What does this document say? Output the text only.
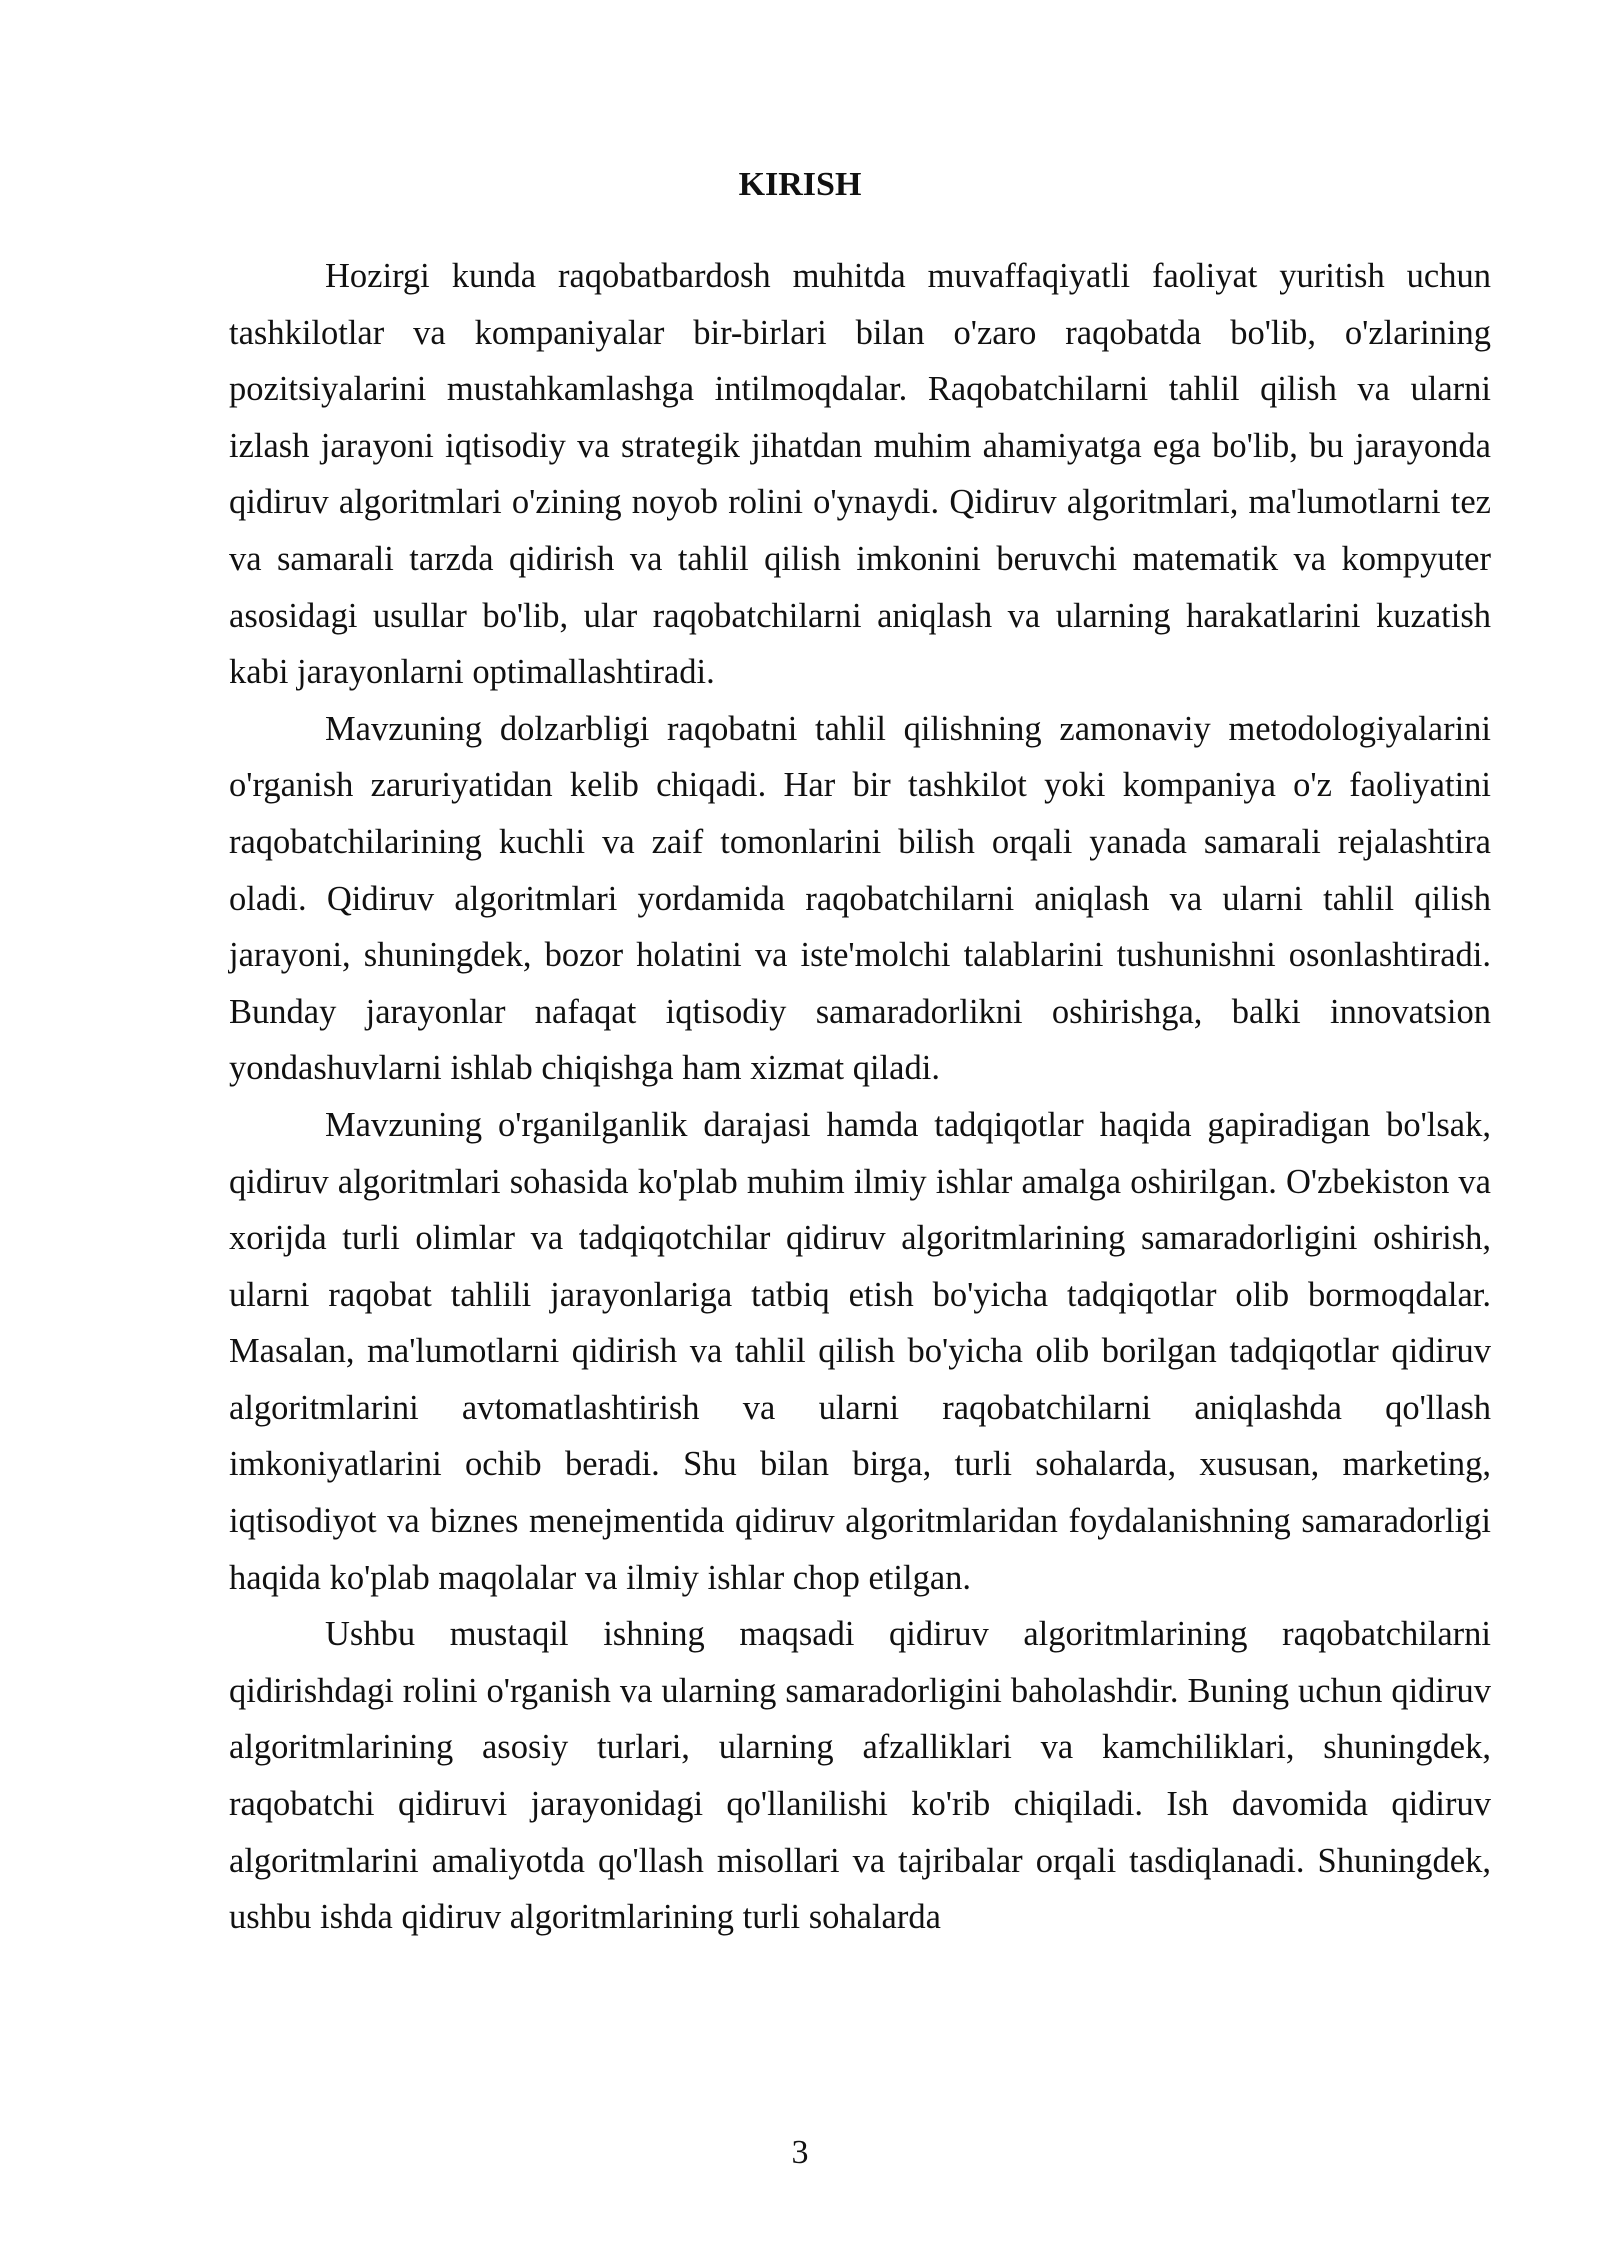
KIRISH

Hozirgi kunda raqobatbardosh muhitda muvaffaqiyatli faoliyat yuritish uchun tashkilotlar va kompaniyalar bir-birlari bilan o'zaro raqobatda bo'lib, o'zlarining pozitsiyalarini mustahkamlashga intilmoqdalar. Raqobatchilarni tahlil qilish va ularni izlash jarayoni iqtisodiy va strategik jihatdan muhim ahamiyatga ega bo'lib, bu jarayonda qidiruv algoritmlari o'zining noyob rolini o'ynaydi. Qidiruv algoritmlari, ma'lumotlarni tez va samarali tarzda qidirish va tahlil qilish imkonini beruvchi matematik va kompyuter asosidagi usullar bo'lib, ular raqobatchilarni aniqlash va ularning harakatlarini kuzatish kabi jarayonlarni optimallashtiradi.

Mavzuning dolzarbligi raqobatni tahlil qilishning zamonaviy metodologiyalarini o'rganish zaruriyatidan kelib chiqadi. Har bir tashkilot yoki kompaniya o'z faoliyatini raqobatchilarining kuchli va zaif tomonlarini bilish orqali yanada samarali rejalashtira oladi. Qidiruv algoritmlari yordamida raqobatchilarni aniqlash va ularni tahlil qilish jarayoni, shuningdek, bozor holatini va iste'molchi talablarini tushunishni osonlashtiradi. Bunday jarayonlar nafaqat iqtisodiy samaradorlikni oshirishga, balki innovatsion yondashuvlarni ishlab chiqishga ham xizmat qiladi.

Mavzuning o'rganilganlik darajasi hamda tadqiqotlar haqida gapiradigan bo'lsak, qidiruv algoritmlari sohasida ko'plab muhim ilmiy ishlar amalga oshirilgan. O'zbekiston va xorijda turli olimlar va tadqiqotchilar qidiruv algoritmlarining samaradorligini oshirish, ularni raqobat tahlili jarayonlariga tatbiq etish bo'yicha tadqiqotlar olib bormoqdalar. Masalan, ma'lumotlarni qidirish va tahlil qilish bo'yicha olib borilgan tadqiqotlar qidiruv algoritmlarini avtomatlashtirish va ularni raqobatchilarni aniqlashda qo'llash imkoniyatlarini ochib beradi. Shu bilan birga, turli sohalarda, xususan, marketing, iqtisodiyot va biznes menejmentida qidiruv algoritmlaridan foydalanishning samaradorligi haqida ko'plab maqolalar va ilmiy ishlar chop etilgan.

Ushbu mustaqil ishning maqsadi qidiruv algoritmlarining raqobatchilarni qidirishdagi rolini o'rganish va ularning samaradorligini baholashdir. Buning uchun qidiruv algoritmlarining asosiy turlari, ularning afzalliklari va kamchiliklari, shuningdek, raqobatchi qidiruvi jarayonidagi qo'llanilishi ko'rib chiqiladi. Ish davomida qidiruv algoritmlarini amaliyotda qo'llash misollari va tajribalar orqali tasdiqlanadi. Shuningdek, ushbu ishda qidiruv algoritmlarining turli sohalarda

3
